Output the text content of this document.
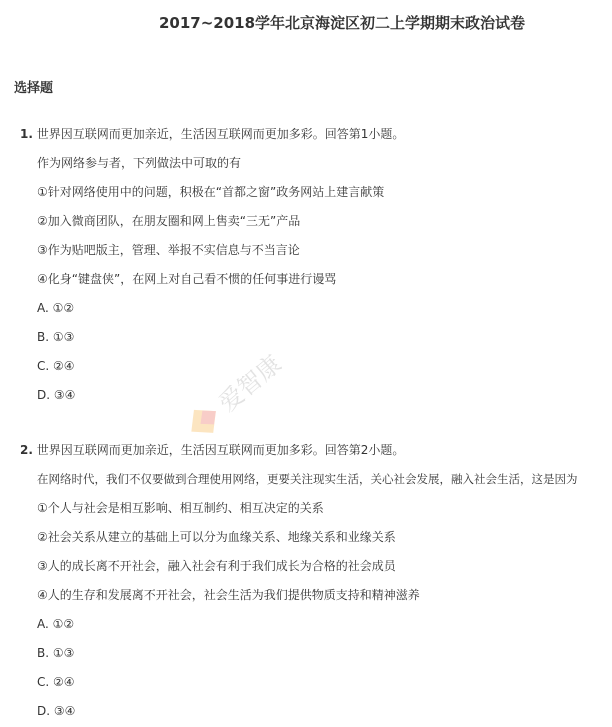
2017~2018学年北京海淀区初二上学期期末政治试卷
选择题
爱智康
1. 世界因互联网而更加亲近，生活因互联网而更加多彩。回答第1小题。
作为网络参与者，下列做法中可取的有
①针对网络使用中的问题，积极在“首都之窗”政务网站上建言献策
②加入微商团队，在朋友圈和网上售卖“三无”产品
③作为贴吧版主，管理、举报不实信息与不当言论
④化身“键盘侠”，在网上对自己看不惯的任何事进行谩骂
A. ①②
B. ①③
C. ②④
D. ③④
2. 世界因互联网而更加亲近，生活因互联网而更加多彩。回答第2小题。
在网络时代，我们不仅要做到合理使用网络，更要关注现实生活，关心社会发展，融入社会生活，这是因为
①个人与社会是相互影响、相互制约、相互决定的关系
②社会关系从建立的基础上可以分为血缘关系、地缘关系和业缘关系
③人的成长离不开社会，融入社会有利于我们成长为合格的社会成员
④人的生存和发展离不开社会，社会生活为我们提供物质支持和精神滋养
A. ①②
B. ①③
C. ②④
D. ③④
